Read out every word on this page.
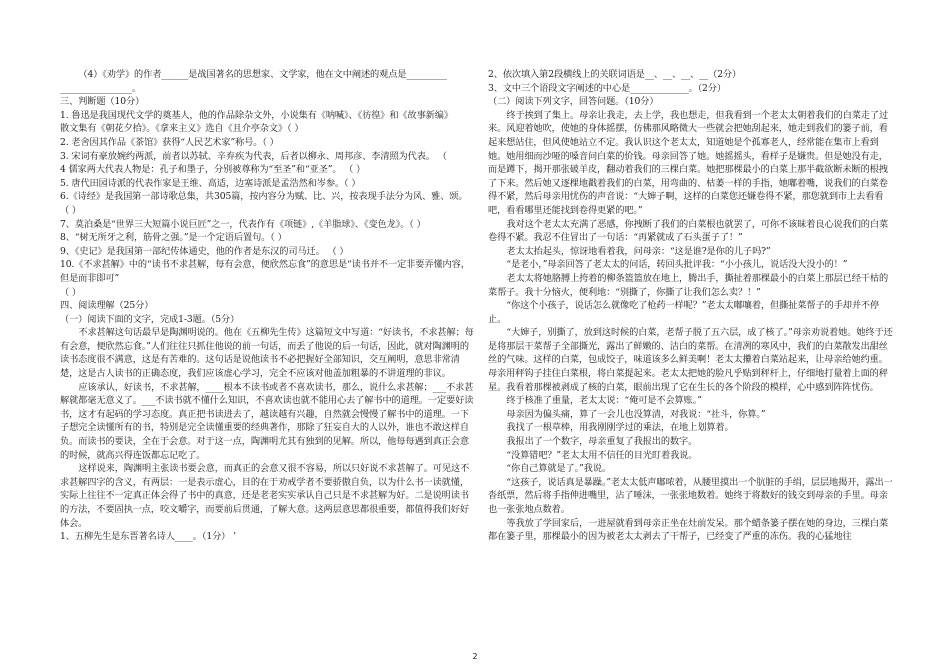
（4）《劝学》的作者______是战国著名的思想家、文学家，他在文中阐述的观点是_________

________________。

三、判断题（10分）

1. 鲁迅是我国现代文学的奠基人，他的作品除杂文外，小说集有《呐喊》、《彷徨》和《故事新编》

散文集有《朝花夕拾》。《拿来主义》选自《且介亭杂文》（ ）

2. 老舍因其作品《茶馆》获得“人民艺术家”称号。（ ）

3. 宋词有豪放婉约两派，前者以苏轼、辛弃疾为代表，后者以柳永、周邦彦、李清照为代表。 （

4 儒家两大代表人物是：孔子和墨子，分别被尊称为“至圣”和“亚圣”。 （ ）

5. 唐代田园诗派的代表作家是王维、高适，边塞诗派是孟浩然和岑参。（ ）

6.《诗经》是我国第一部诗歌总集，共305篇，按内容分为赋、比、兴，按表现手法分为风、雅、颂。

（ ）

7、莫泊桑是“世界三大短篇小说巨匠”之一，代表作有《项链》,《羊脂球》、《变色龙》。（ ）

8、“树无所牙之利，筋骨之强。”是一个定语后置句。（ ）

9、《史记》是我国第一部纪传体通史，他的作者是东汉的司马迁。 （ ）

10.《不求甚解》中的“读书不求甚解，每有会意，便欣然忘食”的意思是“读书并不一定非要弄懂内容，但是而非即可”

（ ）

四、阅读理解（25分）

（一）阅读下面的文字，完成1-3题。（5分）

不求甚解这句话最早是陶渊明说的。他在《五柳先生传》这篇短文中写道：“好读书，不求甚解；每有会意，便欣然忘食。”人们往往只抓住他说的前一句话，而丢了他说的后一句话，因此，就对陶渊明的读书态度很不满意，这是有苦难的。这句话是说他读书不必把握好全部知识，交互阐明，意思非常清楚，这是古人读书的正确态度，我们应该虚心学习，完全不应该对他盖加粗暴的不讲道理的非议。

应该承认，好读书，不求甚解，____根本不读书或者不喜欢读书，那么，说什么求甚解；___不求甚解就都毫无意义了。___不读书就不懂什么知识，不喜欢读也就不能用心去了解书中的道理。一定要好读书，这才有起码的学习态度。真正把书读进去了，越读越有兴趣，自然就会慢慢了解书中的道理。一下子想完全读懂所有的书，特别是完全读懂重要的经典著作，那除了狂妄自大的人以外，谁也不敢这样自负。而读书的要诀，全在于会意。对于这一点，陶渊明尤其有独到的见解。所以，他每每遇到真正会意的时候，就高兴得连饭都忘记吃了。

这样说来，陶渊明主张读书要会意，而真正的会意又很不容易，所以只好说不求甚解了。可见这不求甚解四字的含义，有两层：一是表示虚心，目的在于劝戒学者不要骄傲自负，以为什么书一读就懂，实际上往往不一定真正体会得了书中的真意，还是老老实实承认自己只是不求甚解为好。二是说明读书的方法，不要固执一点，咬文嚼字，而要前后贯通，了解大意。这两层意思都很重要，都值得我们好好体会。

1、五柳先生是东晋著名诗人____。（1分） ’

2、依次填入第2段横线上的关联词语是__、__、__、__（2分）

3、文中三个语段文字阐述的中心是_____________。（2分）

（二）阅读下列文字，回答问题。（10分）

终于挨到了集上。母亲让我走，去上学，我也想走，但我看到一个老太太朝着我们的白菜走了过来。风迎着她吹，使她的身体摇摆，仿佛那风略微大一些就会把她刮起来，她走到我们的篓子前，看起来想站住，但风使她站立不定。我认识这个老太太，知道她是个孤寡老人，经常能在集市上看到她。她用细而沙哑的嗓音问白菜的价钱。母亲回答了她。她摇摇头，看样子是嫌贵。但是她没有走，而是蹲下，揭开那张破羊皮，翻动着我们的三棵白菜。她把那棵最小的白菜上那半截欲断未断的根拽了下来。然后她又逐棵地戳着我们的白菜，用弯曲的、枯萎一样的手指，她嘟着嘴，说我们的白菜卷得不紧，然后母亲用忧伤的声音说：“大婶子啊，这样的白菜您还嫌卷得不紧，那您就到市上去看看吧，看看哪里还能找到卷得更紧的吧。”

我对这个老太太充满了恶感，你拽断了我们的白菜根也就罢了，可你不该昧着良心说我们的白菜卷得不紧。我忍不住冒出了一句话：“再紧就成了石头蛋子了！”

老太太抬起头，惊讶地看着我，问母亲：“这是谁?是你的儿子吗?”

“是老小，”母亲回答了老太太的问话，转回头批评我：“小小孩儿，说话没大没小的！”

老太太将她胳膊上挎着的柳条篮篮放在地上，腾出手，撕扯着那棵最小的白菜上那层已经干枯的菜帮子。我十分恼火，便利地：“别撕了，你撕了让我们怎么卖？！”

“你这个小孩子，说话怎么就像吃了枪药一样呢？”老太太嘟嚷着，但撕扯菜帮子的手却并不停止。

“大婶子，别撕了，放到这时候的白菜，老帮子脱了五六层，成了核了。”母亲劝说着她。她终于还是将那层干菜帮子全部撕光，露出了鲜嫩的、洁白的菜帮。在清冽的寒风中，我们的白菜散发出甜丝丝的气味。这样的白菜，包成饺子，味道该多么鲜美啊！老太太攥着白菜站起来，让母亲给她约重。母亲用秤钩子挂住白菜根，将白菜提起来。老太太把她的脸凡乎贴到秤杆上，仔细地打量着上面的秤星。我看着那棵被剥成了核的白菜，眼前出现了它在生长的各个阶段的模样，心中感到阵阵忧伤。

终于核准了重量，老太太说：“俺可是不会算账。”

母亲因为偏头痛，算了一会儿也没算清，对我说：“社斗，你算。”

我找了一根草棒，用我刚刚学过的乘法，在地上划算着。

我报出了一个数字，母亲重复了我报出的数字。

“没算错吧？”老太太用不信任的目光盯着我说。

“你自己算就是了。”我说。

“这孩子，说话真是暴躁。”老太太低声嘟哝着，从腰里摸出一个肮脏的手绢，层层地揭开，露出一沓纸票，然后将手指伸进嘴里，沾了唾沫，一张张地数着。她终于将数好的钱交到母亲的手里。母亲也一张张地点数着。

等我放了学回家后，一进屋就看到母亲正坐在灶前发呆。那个蜡条篓子摆在她的身边，三棵白菜都在篓子里，那棵最小的因为被老太太剥去了干帮子，已经变了严重的冻伤。我的心猛地往

2
